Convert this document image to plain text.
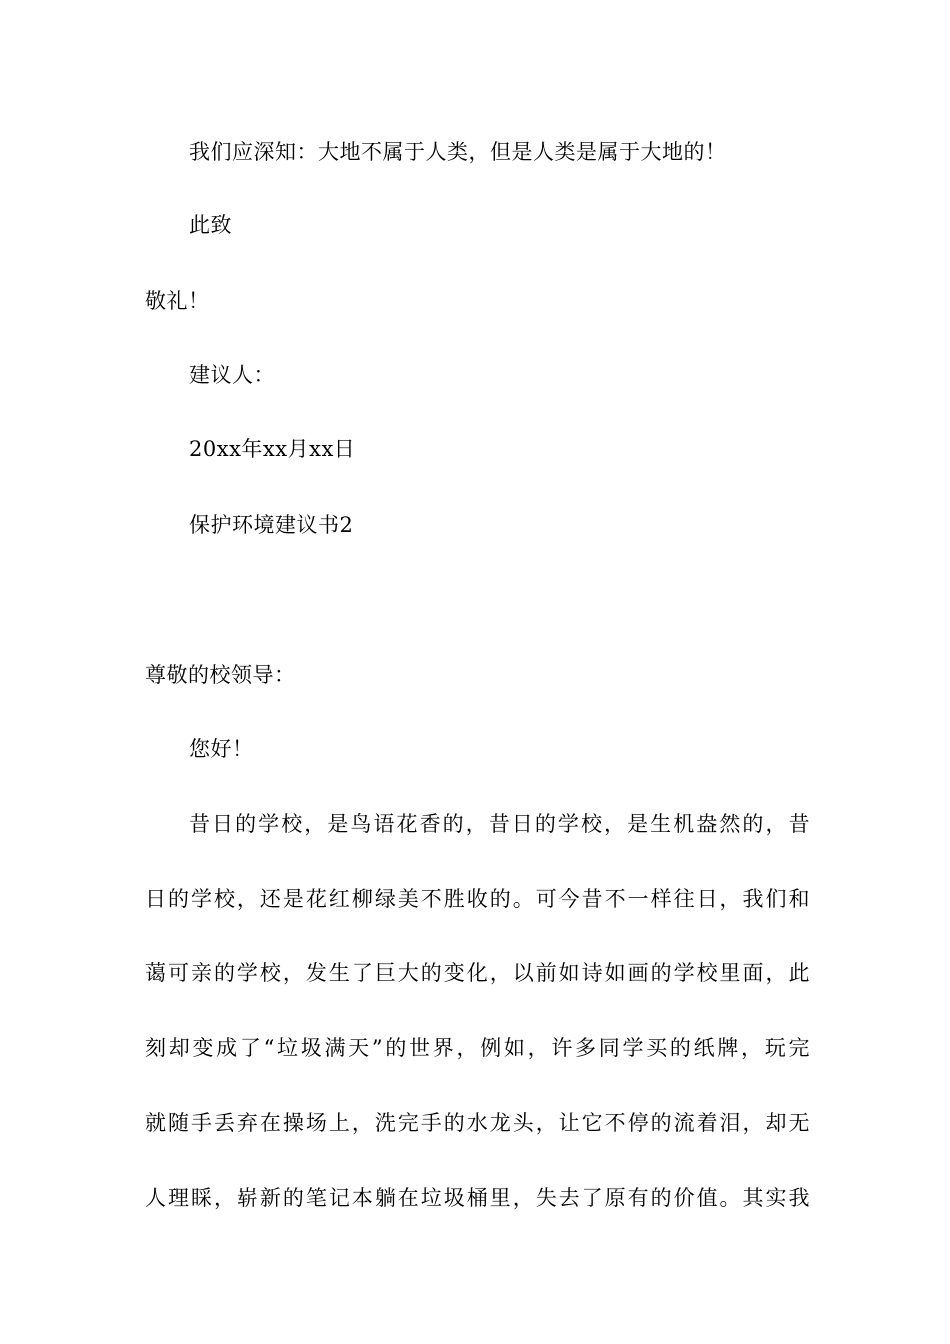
我们应深知：大地不属于人类，但是人类是属于大地的！
此致
敬礼！
建议人：
20xx年xx月xx日
保护环境建议书2
尊敬的校领导：
您好！
昔日的学校，是鸟语花香的，昔日的学校，是生机盎然的，昔
日的学校，还是花红柳绿美不胜收的。可今昔不一样往日，我们和
蔼可亲的学校，发生了巨大的变化，以前如诗如画的学校里面，此
刻却变成了“垃圾满天”的世界，例如，许多同学买的纸牌，玩完
就随手丢弃在操场上，洗完手的水龙头，让它不停的流着泪，却无
人理睬，崭新的笔记本躺在垃圾桶里，失去了原有的价值。其实我
